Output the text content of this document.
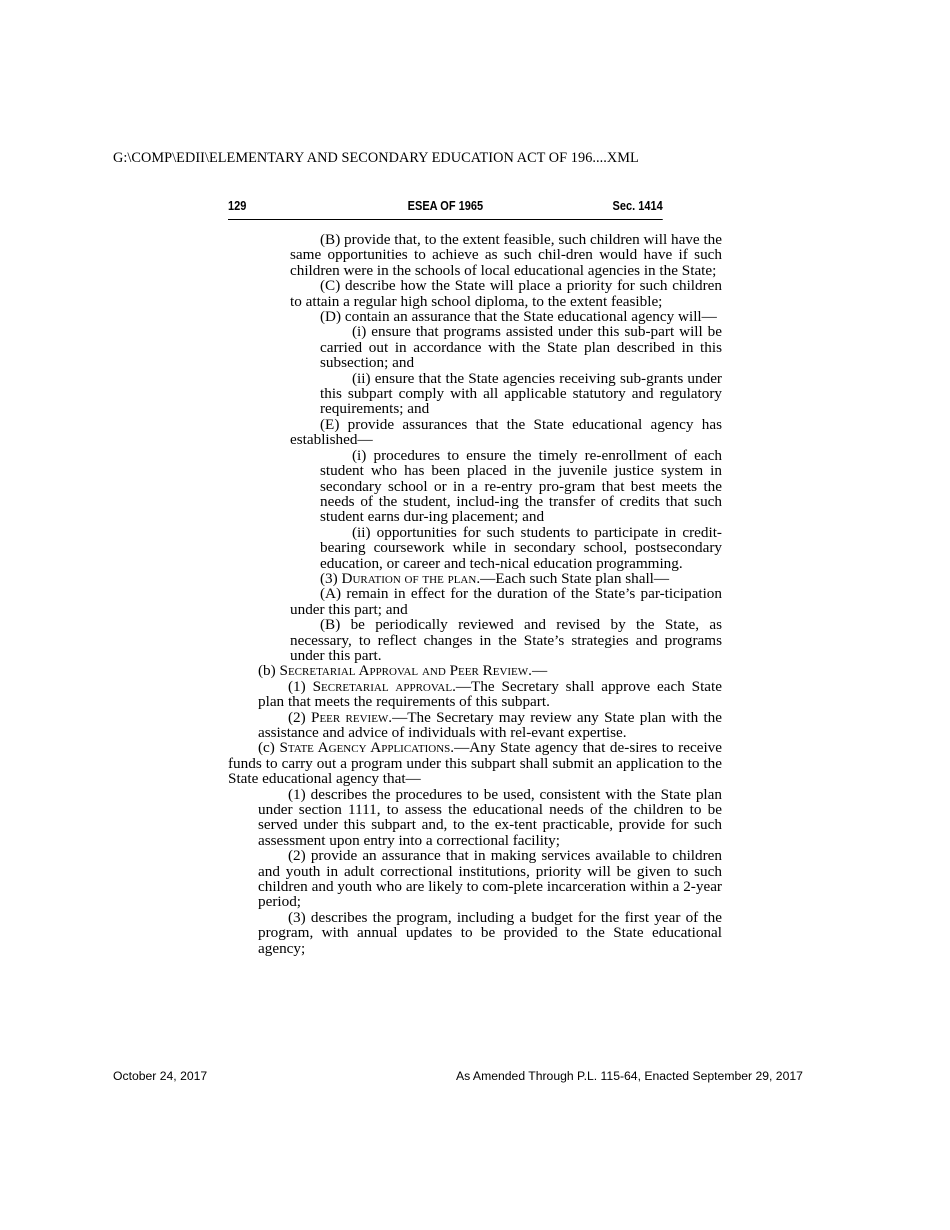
G:\COMP\EDII\ELEMENTARY AND SECONDARY EDUCATION ACT OF 196....XML
129	ESEA OF 1965	Sec. 1414

(B) provide that, to the extent feasible, such children will have the same opportunities to achieve as such chil-dren would have if such children were in the schools of local educational agencies in the State;

(C) describe how the State will place a priority for such children to attain a regular high school diploma, to the extent feasible;

(D) contain an assurance that the State educational agency will—

(i) ensure that programs assisted under this sub-part will be carried out in accordance with the State plan described in this subsection; and

(ii) ensure that the State agencies receiving sub-grants under this subpart comply with all applicable statutory and regulatory requirements; and

(E) provide assurances that the State educational agency has established—

(i) procedures to ensure the timely re-enrollment of each student who has been placed in the juvenile justice system in secondary school or in a re-entry pro-gram that best meets the needs of the student, includ-ing the transfer of credits that such student earns dur-ing placement; and

(ii) opportunities for such students to participate in credit-bearing coursework while in secondary school, postsecondary education, or career and tech-nical education programming.

(3) Duration of the plan.—Each such State plan shall—

(A) remain in effect for the duration of the State’s par-ticipation under this part; and

(B) be periodically reviewed and revised by the State, as necessary, to reflect changes in the State’s strategies and programs under this part.

(b) Secretarial Approval and Peer Review.—

(1) Secretarial approval.—The Secretary shall approve each State plan that meets the requirements of this subpart.

(2) Peer review.—The Secretary may review any State plan with the assistance and advice of individuals with rel-evant expertise.

(c) State Agency Applications.—Any State agency that de-sires to receive funds to carry out a program under this subpart shall submit an application to the State educational agency that—

(1) describes the procedures to be used, consistent with the State plan under section 1111, to assess the educational needs of the children to be served under this subpart and, to the ex-tent practicable, provide for such assessment upon entry into a correctional facility;

(2) provide an assurance that in making services available to children and youth in adult correctional institutions, priority will be given to such children and youth who are likely to com-plete incarceration within a 2-year period;

(3) describes the program, including a budget for the first year of the program, with annual updates to be provided to the State educational agency;

October 24, 2017	As Amended Through P.L. 115-64, Enacted September 29, 2017
